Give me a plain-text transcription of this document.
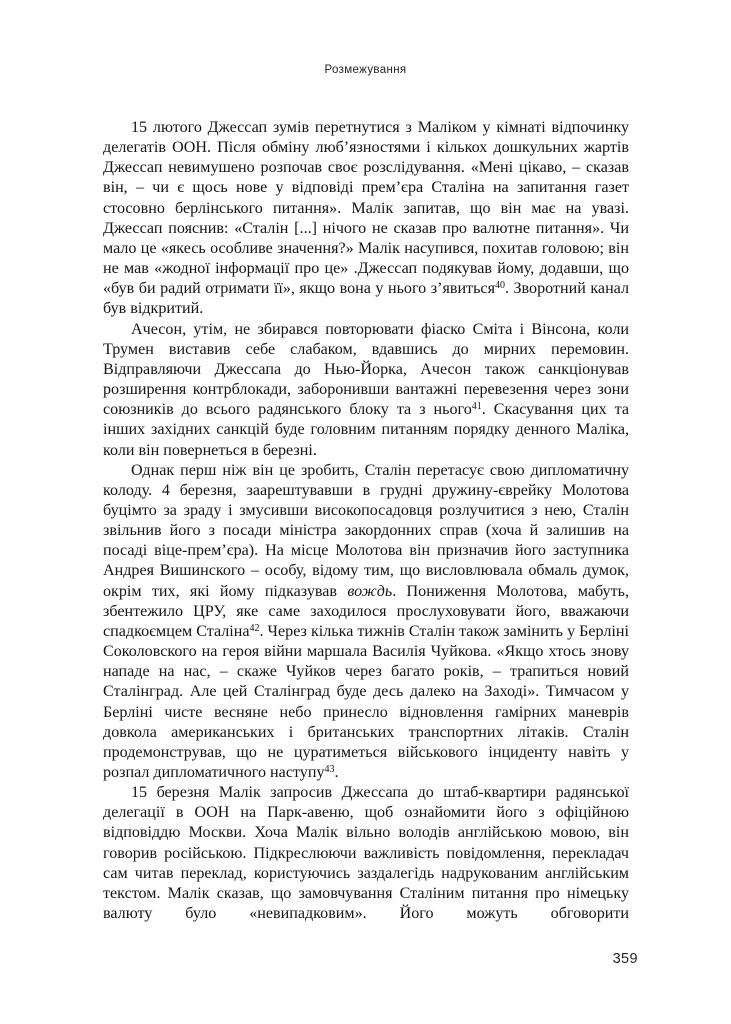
Розмежування

15 лютого Джессап зумів перетнутися з Маліком у кімнаті відпочинку делегатів ООН. Після обміну люб’язностями і кількох дошкульних жартів Джессап невимушено розпочав своє розслідування. «Мені цікаво, – сказав він, – чи є щось нове у відповіді прем’єра Сталіна на запитання газет стосовно берлінського питання». Малік запитав, що він має на увазі. Джессап пояснив: «Сталін [...] нічого не сказав про валютне питання». Чи мало це «якесь особливе значення?» Малік насупився, похитав головою; він не мав «жодної інформації про це» .Джессап подякував йому, додавши, що «був би радий отримати її», якщо вона у нього з’явиться$^{40}$. Зворотний канал був відкритий.

Ачесон, утім, не збирався повторювати фіаско Сміта і Вінсона, коли Трумен виставив себе слабаком, вдавшись до мирних перемовин. Відправляючи Джессапа до Нью-Йорка, Ачесон також санкціонував розширення контрблокади, заборонивши вантажні перевезення через зони союзників до всього радянського блоку та з нього$^{41}$. Скасування цих та інших західних санкцій буде головним питанням порядку денного Маліка, коли він повернеться в березні.

Однак перш ніж він це зробить, Сталін перетасує свою дипломатичну колоду. 4 березня, заарештувавши в грудні дружину-єврейку Молотова буцімто за зраду і змусивши високопосадовця розлучитися з нею, Сталін звільнив його з посади міністра закордонних справ (хоча й залишив на посаді віце-прем’єра). На місце Молотова він призначив його заступника Андрея Вишинского – особу, відому тим, що висловлювала обмаль думок, окрім тих, які йому підказував вождь. Пониження Молотова, мабуть, збентежило ЦРУ, яке саме заходилося прослуховувати його, вважаючи спадкоємцем Сталіна$^{42}$. Через кілька тижнів Сталін також замінить у Берліні Соколовского на героя війни маршала Василія Чуйкова. «Якщо хтось знову нападе на нас, – скаже Чуйков через багато років, – трапиться новий Сталінград. Але цей Сталінград буде десь далеко на Заході». Тимчасом у Берліні чисте весняне небо принесло відновлення гамірних маневрів довкола американських і британських транспортних літаків. Сталін продемонстрував, що не цуратиметься військового інциденту навіть у розпал дипломатичного наступу$^{43}$.

15 березня Малік запросив Джессапа до штаб-квартири радянської делегації в ООН на Парк-авеню, щоб ознайомити його з офіційною відповіддю Москви. Хоча Малік вільно володів англійською мовою, він говорив російською. Підкреслюючи важливість повідомлення, перекладач сам читав переклад, користуючись заздалегідь надрукованим англійським текстом. Малік сказав, що замовчування Сталіним питання про німецьку валюту було «невипадковим». Його можуть обговорити

359
